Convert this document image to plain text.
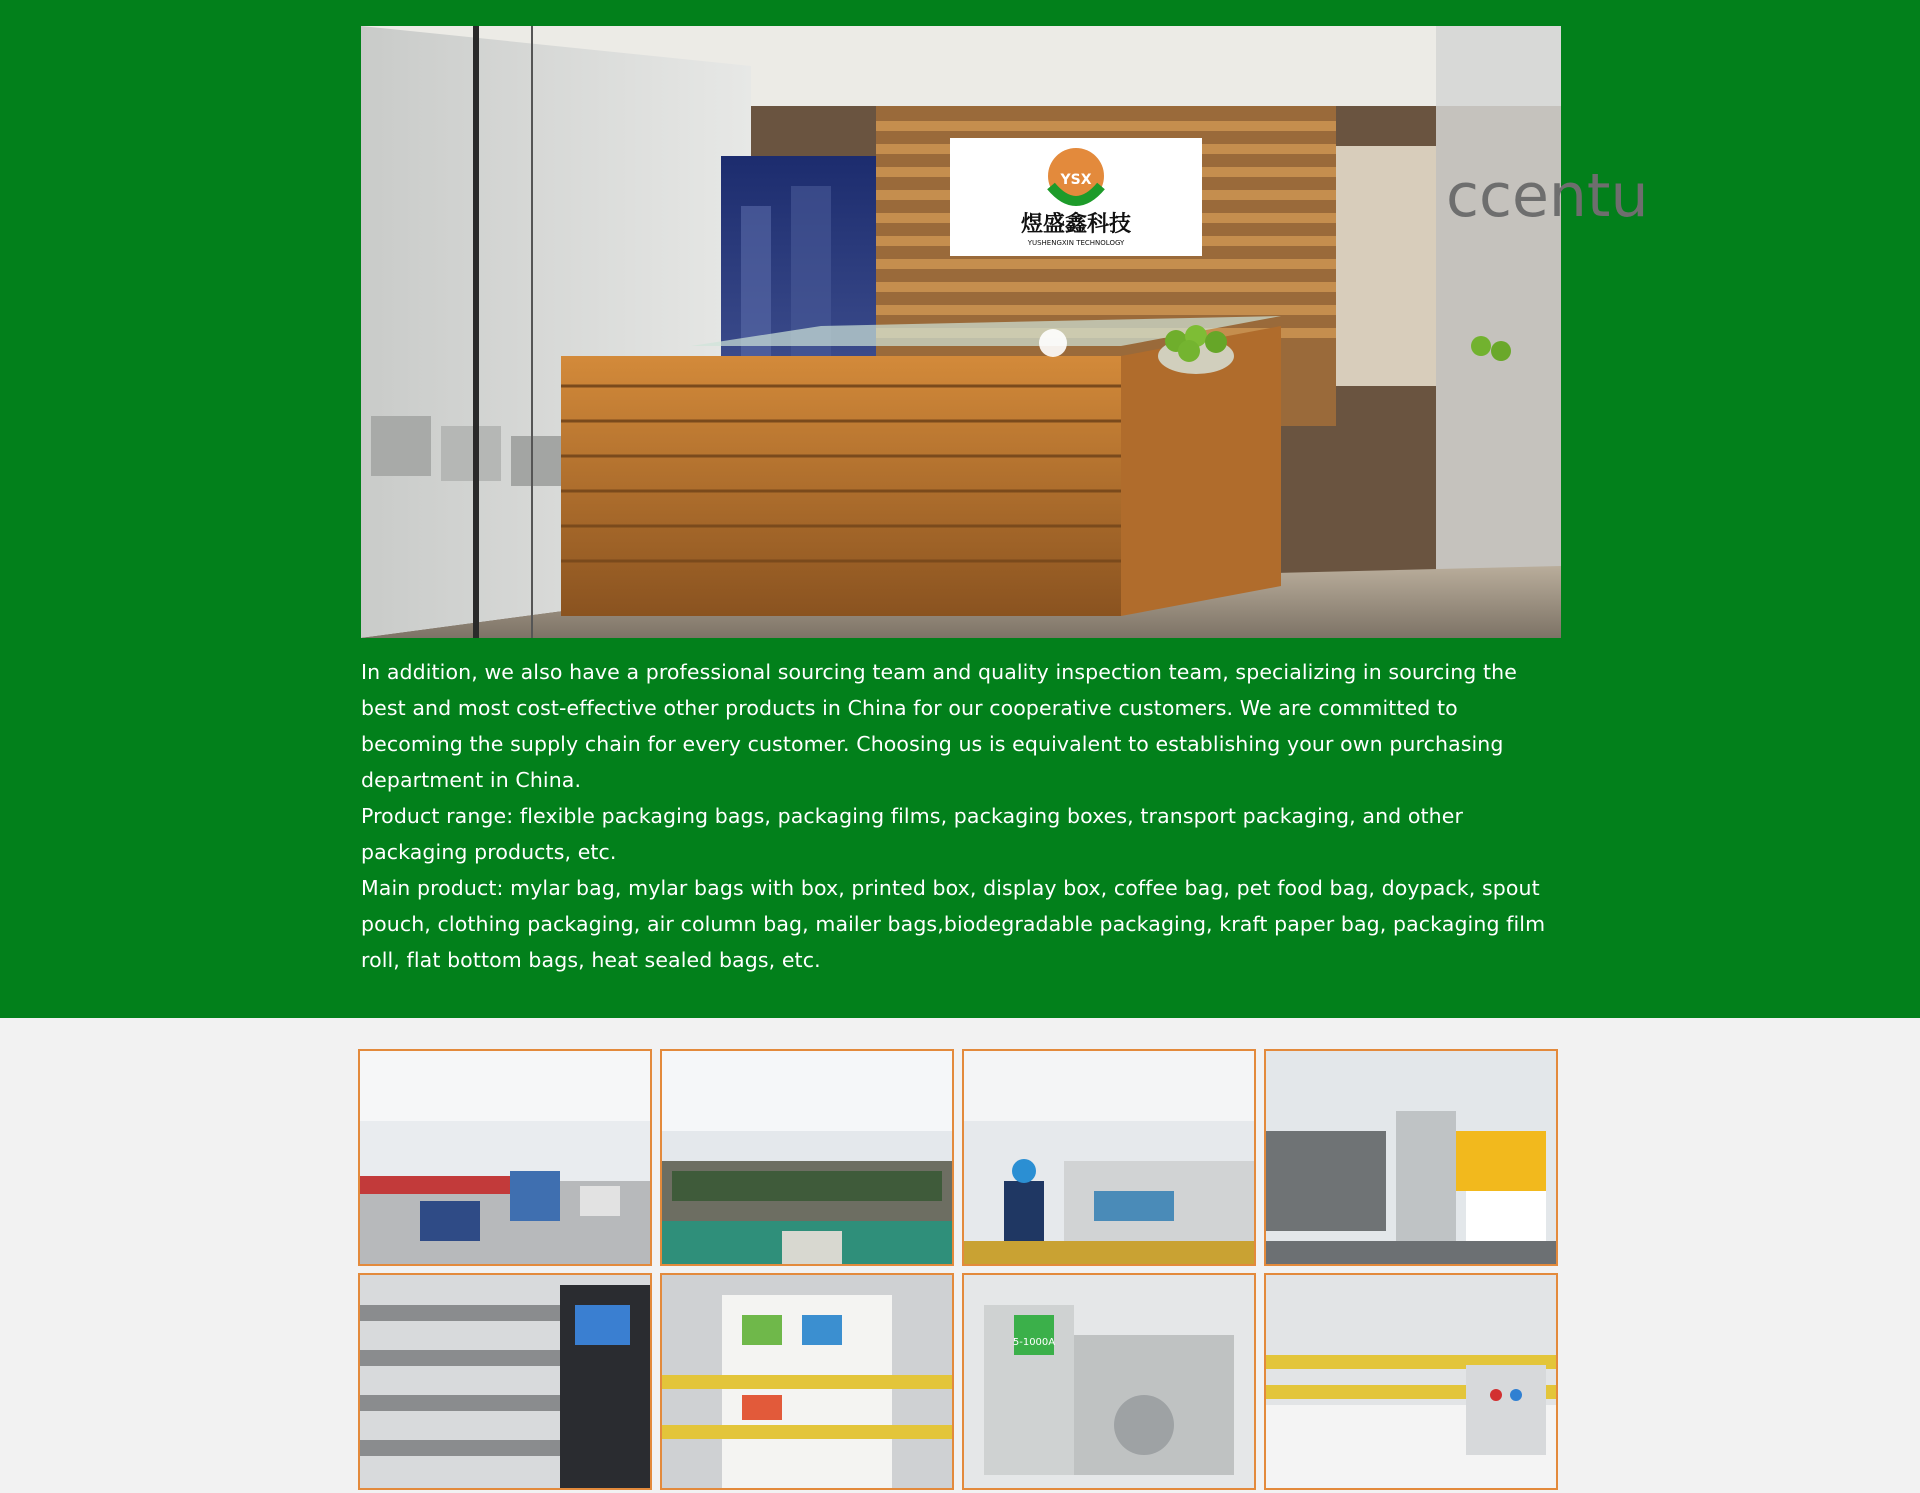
ccentu
YSX
煜盛鑫科技
YUSHENGXIN TECHNOLOGY

In addition, we also have a professional sourcing team and quality inspection team, specializing in sourcing the best and most cost-effective other products in China for our cooperative customers. We are committed to becoming the supply chain for every customer. Choosing us is equivalent to establishing your own purchasing department in China.

Product range: flexible packaging bags, packaging films, packaging boxes, transport packaging, and other packaging products, etc.

Main product: mylar bag, mylar bags with box, printed box, display box, coffee bag, pet food bag, doypack, spout pouch, clothing packaging, air column bag, mailer bags,biodegradable packaging, kraft paper bag, packaging film roll, flat bottom bags, heat sealed bags, etc.

5-1000A
